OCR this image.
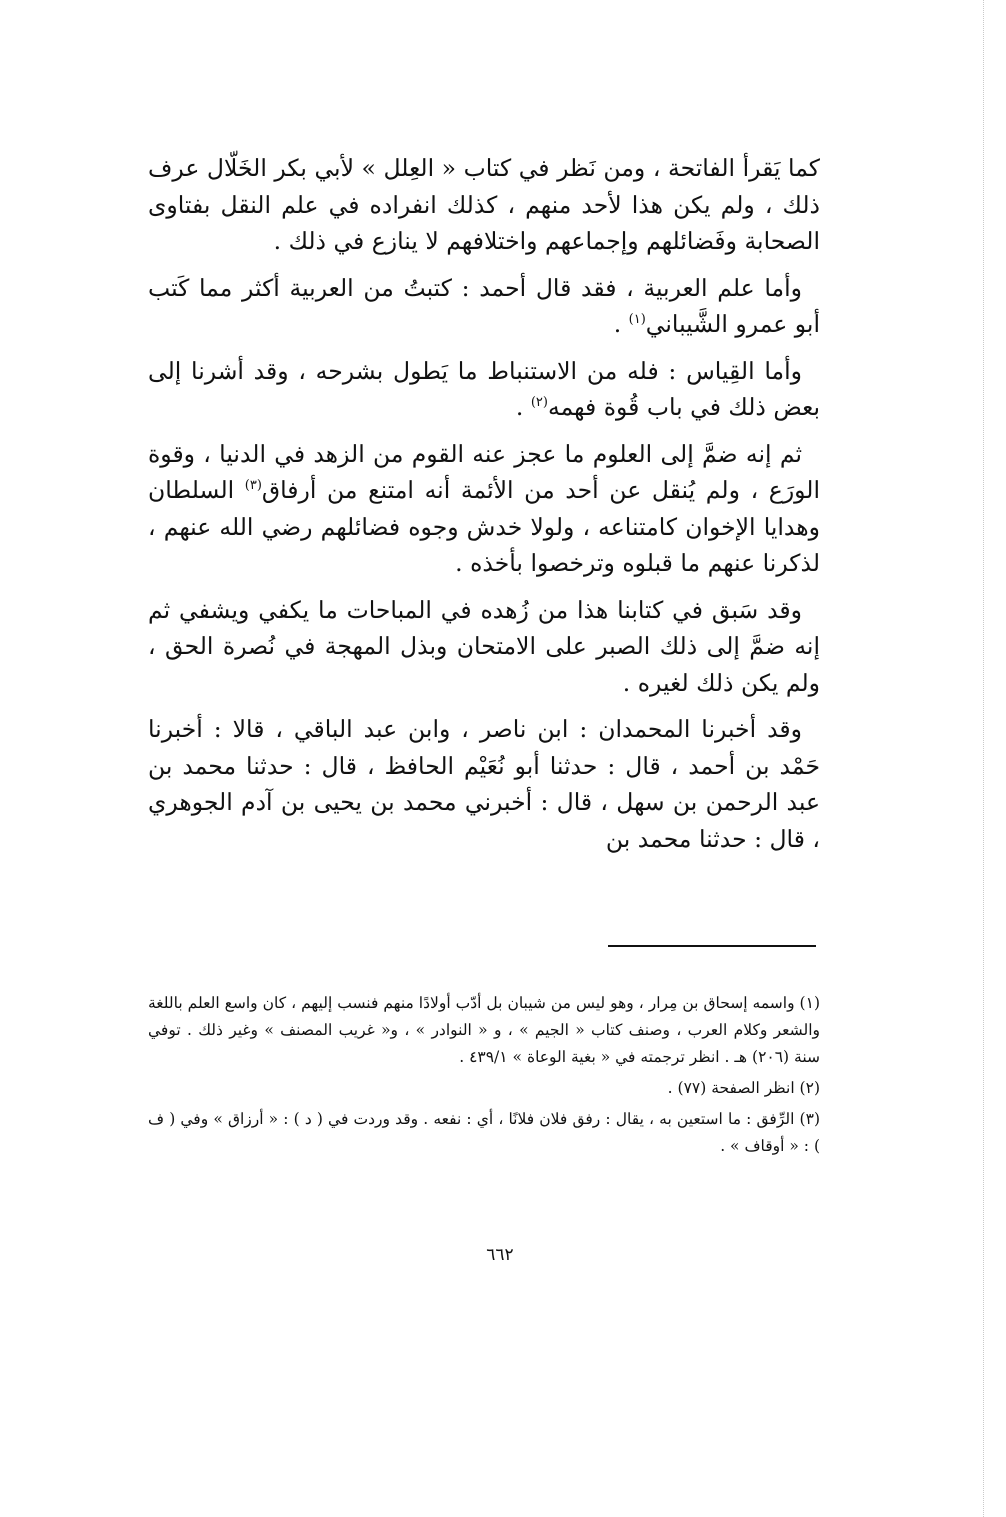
كما يَقرأ الفاتحة ، ومن نَظر في كتاب « العِلل » لأبي بكر الخَلّال عرف ذلك ، ولم يكن هذا لأحد منهم ، كذلك انفراده في علم النقل بفتاوى الصحابة وفَضائلهم وإجماعهم واختلافهم لا ينازع في ذلك .

وأما علم العربية ، فقد قال أحمد : كتبتُ من العربية أكثر مما كَتب أبو عمرو الشَّيباني$^{(١)}$ .

وأما القِياس : فله من الاستنباط ما يَطول بشرحه ، وقد أشرنا إلى بعض ذلك في باب قُوة فهمه$^{(٢)}$ .

ثم إنه ضمَّ إلى العلوم ما عجز عنه القوم من الزهد في الدنيا ، وقوة الورَع ، ولم يُنقل عن أحد من الأئمة أنه امتنع من أرفاق$^{(٣)}$ السلطان وهدايا الإخوان كامتناعه ، ولولا خدش وجوه فضائلهم رضي الله عنهم ، لذكرنا عنهم ما قبلوه وترخصوا بأخذه .

وقد سَبق في كتابنا هذا من زُهده في المباحات ما يكفي ويشفي ثم إنه ضمَّ إلى ذلك الصبر على الامتحان وبذل المهجة في نُصرة الحق ، ولم يكن ذلك لغيره .

وقد أخبرنا المحمدان : ابن ناصر ، وابن عبد الباقي ، قالا : أخبرنا حَمْد بن أحمد ، قال : حدثنا أبو نُعَيْم الحافظ ، قال : حدثنا محمد بن عبد الرحمن بن سهل ، قال : أخبرني محمد بن يحيى بن آدم الجوهري ، قال : حدثنا محمد بن

(١) واسمه إسحاق بن مِرار ، وهو ليس من شيبان بل أدّب أولادًا منهم فنسب إليهم ، كان واسع العلم باللغة والشعر وكلام العرب ، وصنف كتاب « الجيم » ، و « النوادر » ، و« غريب المصنف » وغير ذلك . توفي سنة (٢٠٦) هـ . انظر ترجمته في « بغية الوعاة » ٤٣٩/١ .

(٢) انظر الصفحة (٧٧) .

(٣) الرِّفق : ما استعين به ، يقال : رفق فلان فلانًا ، أي : نفعه . وقد وردت في ( د ) : « أرزاق » وفي ( ف ) : « أوقاف » .

٦٦٢
